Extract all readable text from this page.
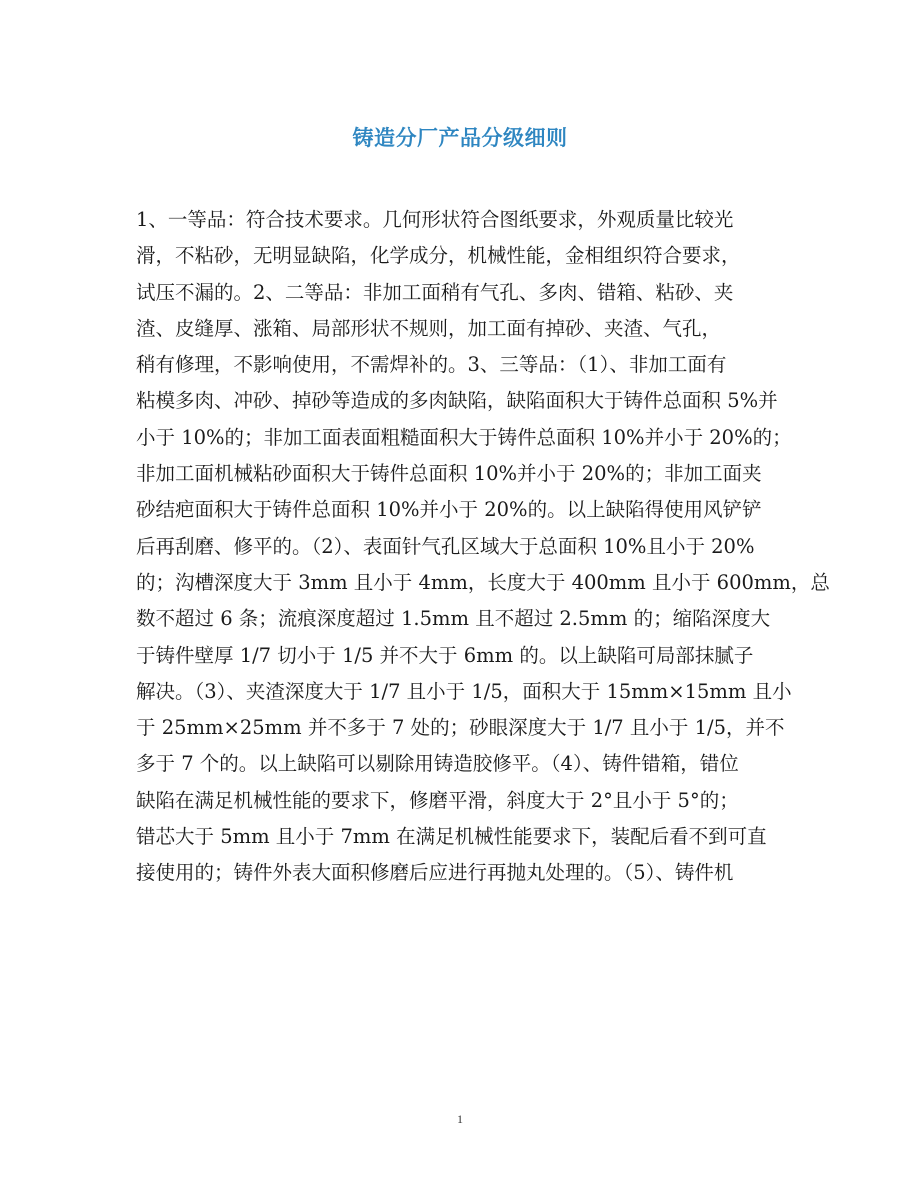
铸造分厂产品分级细则
1、一等品：符合技术要求。几何形状符合图纸要求，外观质量比较光
滑，不粘砂，无明显缺陷，化学成分，机械性能，金相组织符合要求，
试压不漏的。2、二等品：非加工面稍有气孔、多肉、错箱、粘砂、夹
渣、皮缝厚、涨箱、局部形状不规则，加工面有掉砂、夹渣、气孔，
稍有修理，不影响使用，不需焊补的。3、三等品：（1）、非加工面有
粘模多肉、冲砂、掉砂等造成的多肉缺陷，缺陷面积大于铸件总面积 5%并
小于 10%的；非加工面表面粗糙面积大于铸件总面积 10%并小于 20%的；
非加工面机械粘砂面积大于铸件总面积 10%并小于 20%的；非加工面夹
砂结疤面积大于铸件总面积 10%并小于 20%的。以上缺陷得使用风铲铲
后再刮磨、修平的。（2）、表面针气孔区域大于总面积 10%且小于 20%
的；沟槽深度大于 3mm 且小于 4mm，长度大于 400mm 且小于 600mm，总
数不超过 6 条；流痕深度超过 1.5mm 且不超过 2.5mm 的；缩陷深度大
于铸件壁厚 1/7 切小于 1/5 并不大于 6mm 的。以上缺陷可局部抹腻子
解决。（3）、夹渣深度大于 1/7 且小于 1/5，面积大于 15mm×15mm 且小
于 25mm×25mm 并不多于 7 处的；砂眼深度大于 1/7 且小于 1/5，并不
多于 7 个的。以上缺陷可以剔除用铸造胶修平。（4）、铸件错箱，错位
缺陷在满足机械性能的要求下，修磨平滑，斜度大于 2°且小于 5°的；
错芯大于 5mm 且小于 7mm 在满足机械性能要求下，装配后看不到可直
接使用的；铸件外表大面积修磨后应进行再抛丸处理的。（5）、铸件机
1
